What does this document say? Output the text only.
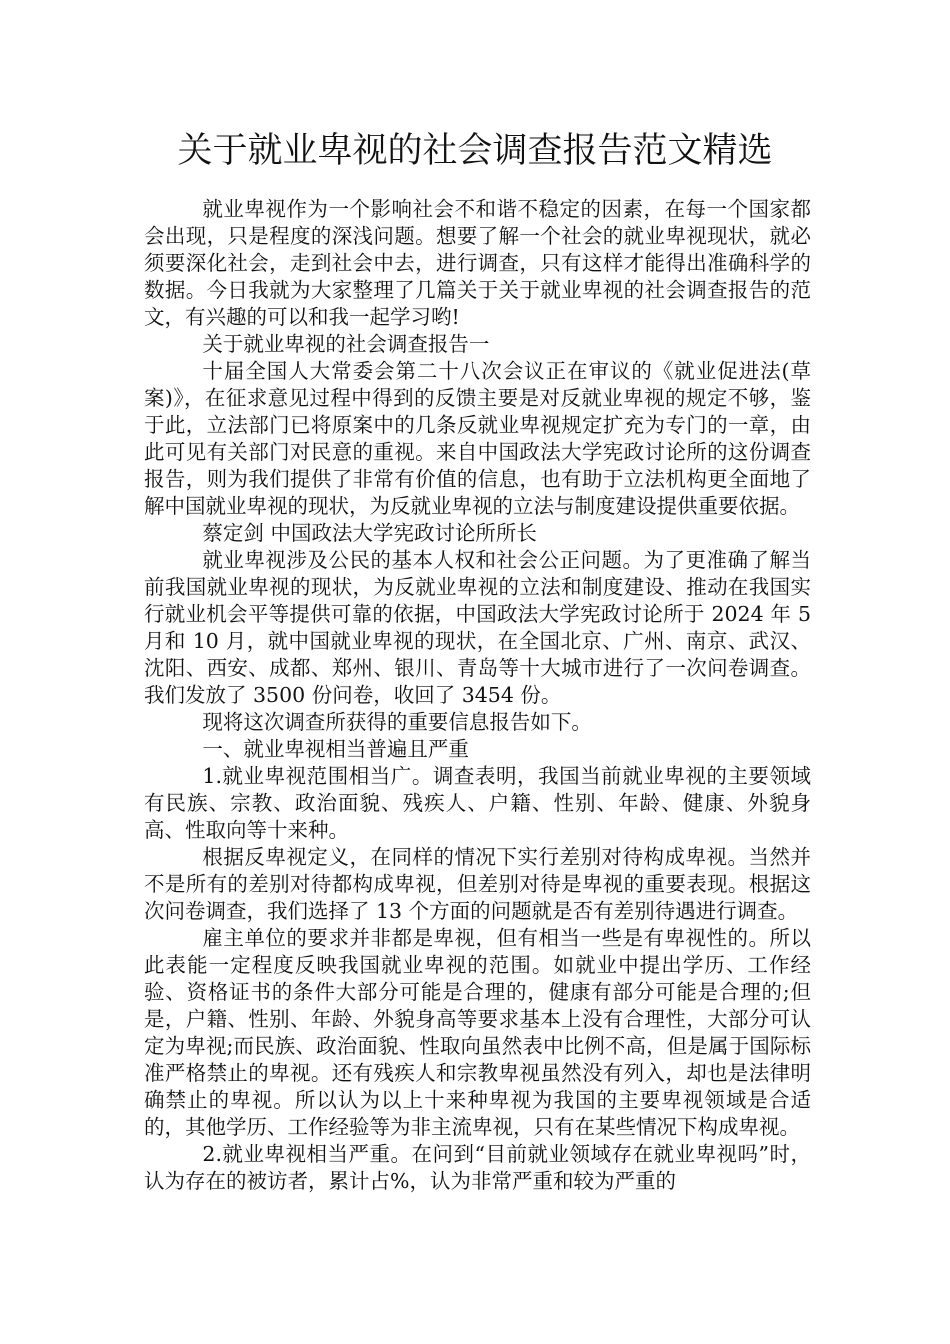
关于就业卑视的社会调查报告范文精选

就业卑视作为一个影响社会不和谐不稳定的因素，在每一个国家都会出现，只是程度的深浅问题。想要了解一个社会的就业卑视现状，就必须要深化社会，走到社会中去，进行调查，只有这样才能得出准确科学的数据。今日我就为大家整理了几篇关于关于就业卑视的社会调查报告的范文，有兴趣的可以和我一起学习哟!

关于就业卑视的社会调查报告一

十届全国人大常委会第二十八次会议正在审议的《就业促进法(草案)》，在征求意见过程中得到的反馈主要是对反就业卑视的规定不够，鉴于此，立法部门已将原案中的几条反就业卑视规定扩充为专门的一章，由此可见有关部门对民意的重视。来自中国政法大学宪政讨论所的这份调查报告，则为我们提供了非常有价值的信息，也有助于立法机构更全面地了解中国就业卑视的现状，为反就业卑视的立法与制度建设提供重要依据。

蔡定剑 中国政法大学宪政讨论所所长

就业卑视涉及公民的基本人权和社会公正问题。为了更准确了解当前我国就业卑视的现状，为反就业卑视的立法和制度建设、推动在我国实行就业机会平等提供可靠的依据，中国政法大学宪政讨论所于 2024 年 5 月和 10 月，就中国就业卑视的现状，在全国北京、广州、南京、武汉、沈阳、西安、成都、郑州、银川、青岛等十大城市进行了一次问卷调查。我们发放了 3500 份问卷，收回了 3454 份。

现将这次调查所获得的重要信息报告如下。

一、就业卑视相当普遍且严重

1.就业卑视范围相当广。调查表明，我国当前就业卑视的主要领域有民族、宗教、政治面貌、残疾人、户籍、性别、年龄、健康、外貌身高、性取向等十来种。

根据反卑视定义，在同样的情况下实行差别对待构成卑视。当然并不是所有的差别对待都构成卑视，但差别对待是卑视的重要表现。根据这次问卷调查，我们选择了 13 个方面的问题就是否有差别待遇进行调查。

雇主单位的要求并非都是卑视，但有相当一些是有卑视性的。所以此表能一定程度反映我国就业卑视的范围。如就业中提出学历、工作经验、资格证书的条件大部分可能是合理的，健康有部分可能是合理的;但是，户籍、性别、年龄、外貌身高等要求基本上没有合理性，大部分可认定为卑视;而民族、政治面貌、性取向虽然表中比例不高，但是属于国际标准严格禁止的卑视。还有残疾人和宗教卑视虽然没有列入，却也是法律明确禁止的卑视。所以认为以上十来种卑视为我国的主要卑视领域是合适的，其他学历、工作经验等为非主流卑视，只有在某些情况下构成卑视。

2.就业卑视相当严重。在问到“目前就业领域存在就业卑视吗”时，认为存在的被访者，累计占%，认为非常严重和较为严重的
